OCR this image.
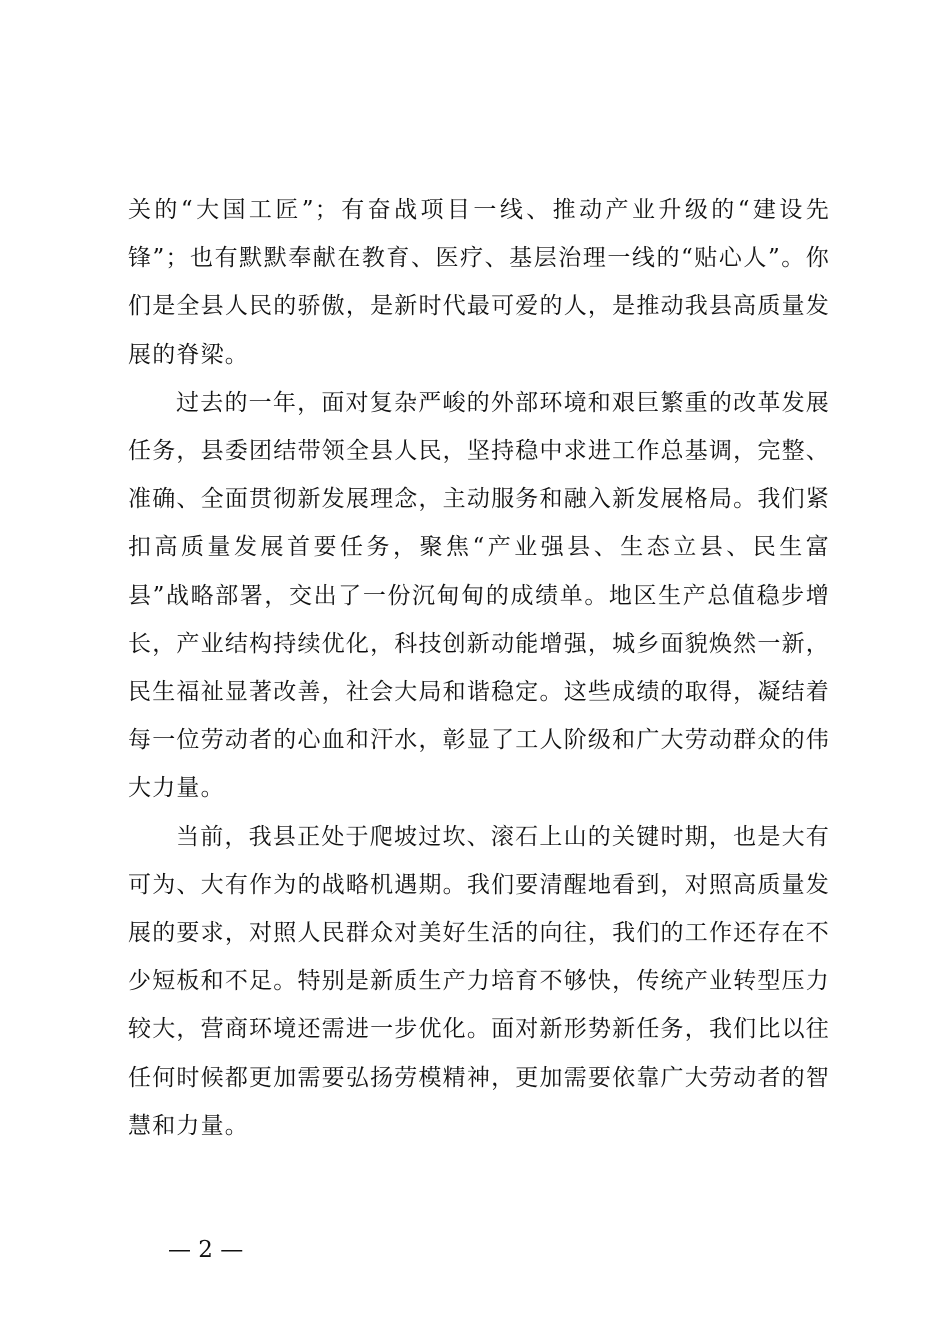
关的“大国工匠”；有奋战项目一线、推动产业升级的“建设先锋”；也有默默奉献在教育、医疗、基层治理一线的“贴心人”。你们是全县人民的骄傲，是新时代最可爱的人，是推动我县高质量发展的脊梁。

过去的一年，面对复杂严峻的外部环境和艰巨繁重的改革发展任务，县委团结带领全县人民，坚持稳中求进工作总基调，完整、准确、全面贯彻新发展理念，主动服务和融入新发展格局。我们紧扣高质量发展首要任务，聚焦“产业强县、生态立县、民生富县”战略部署，交出了一份沉甸甸的成绩单。地区生产总值稳步增长，产业结构持续优化，科技创新动能增强，城乡面貌焕然一新，民生福祉显著改善，社会大局和谐稳定。这些成绩的取得，凝结着每一位劳动者的心血和汗水，彰显了工人阶级和广大劳动群众的伟大力量。

当前，我县正处于爬坡过坎、滚石上山的关键时期，也是大有可为、大有作为的战略机遇期。我们要清醒地看到，对照高质量发展的要求，对照人民群众对美好生活的向往，我们的工作还存在不少短板和不足。特别是新质生产力培育不够快，传统产业转型压力较大，营商环境还需进一步优化。面对新形势新任务，我们比以往任何时候都更加需要弘扬劳模精神，更加需要依靠广大劳动者的智慧和力量。

— 2 —
